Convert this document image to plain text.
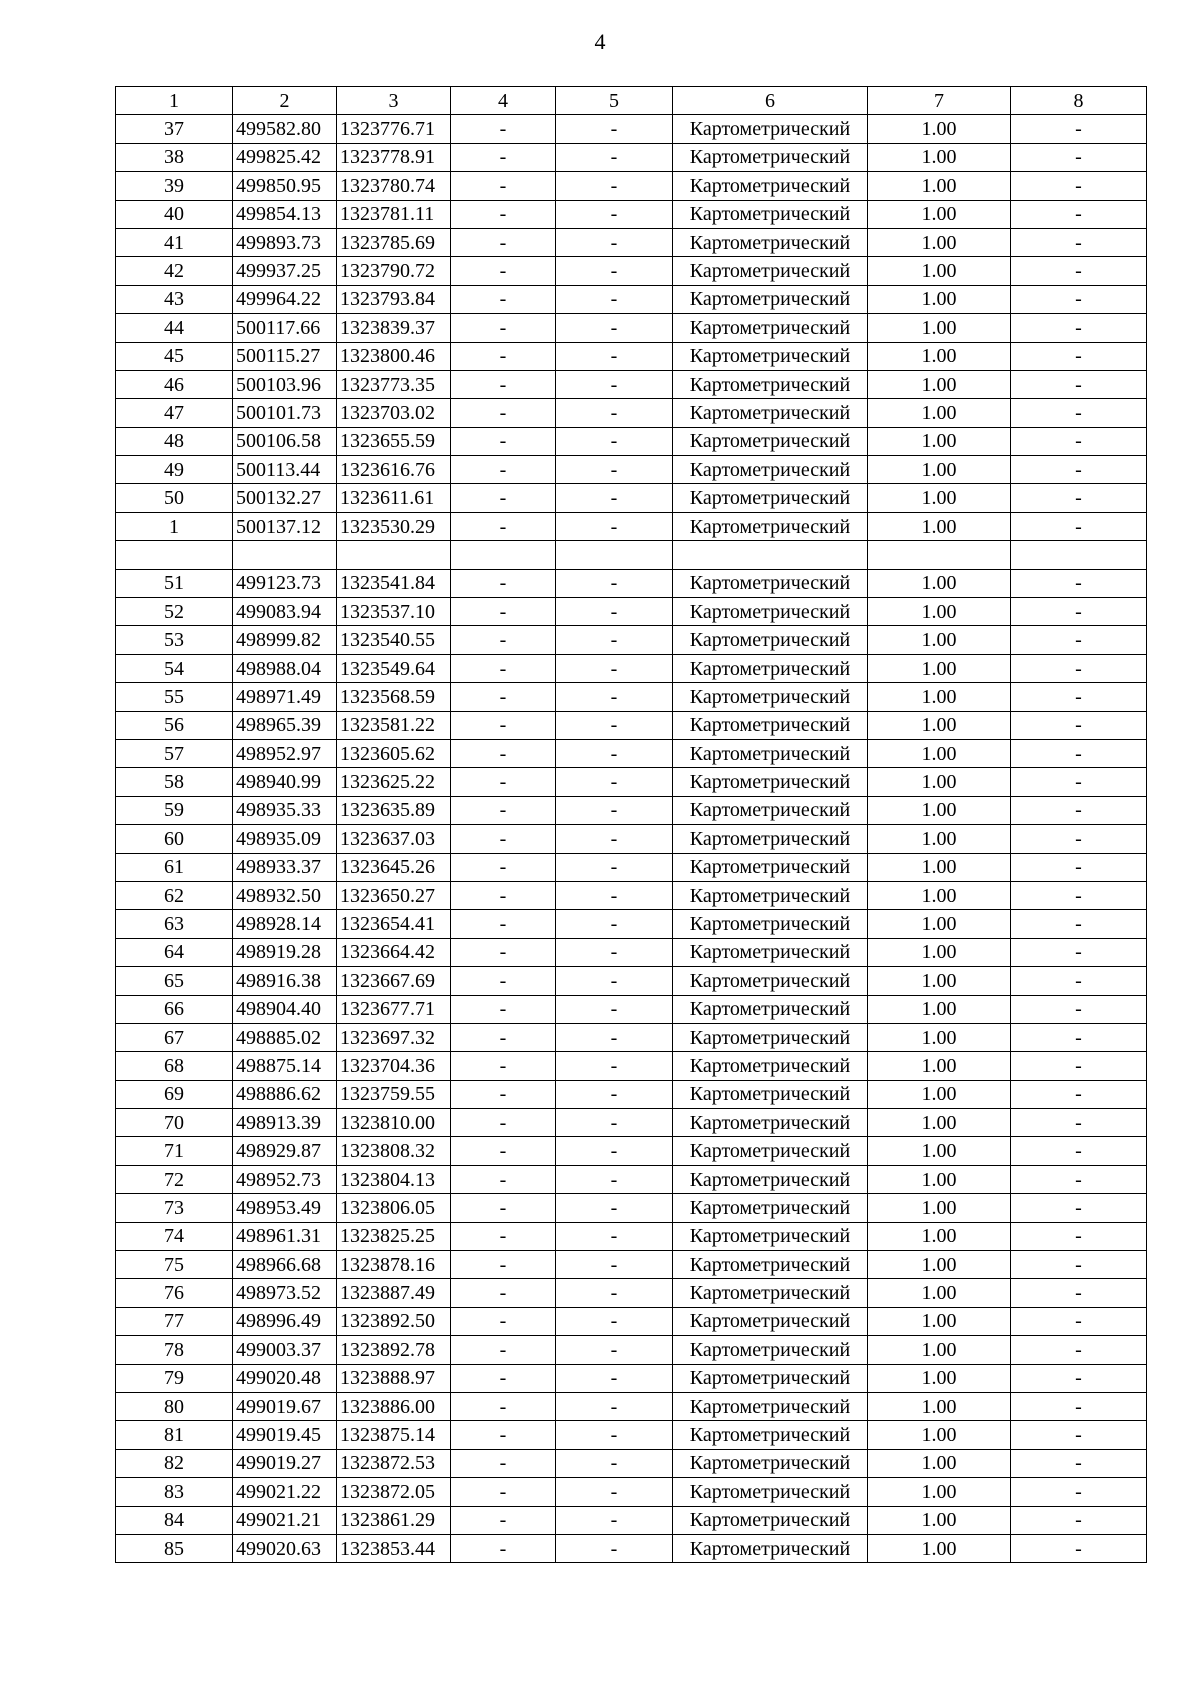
4
1	2	3	4	5	6	7	8
37	499582.80	1323776.71	-	-	Картометрический	1.00	-
38	499825.42	1323778.91	-	-	Картометрический	1.00	-
39	499850.95	1323780.74	-	-	Картометрический	1.00	-
40	499854.13	1323781.11	-	-	Картометрический	1.00	-
41	499893.73	1323785.69	-	-	Картометрический	1.00	-
42	499937.25	1323790.72	-	-	Картометрический	1.00	-
43	499964.22	1323793.84	-	-	Картометрический	1.00	-
44	500117.66	1323839.37	-	-	Картометрический	1.00	-
45	500115.27	1323800.46	-	-	Картометрический	1.00	-
46	500103.96	1323773.35	-	-	Картометрический	1.00	-
47	500101.73	1323703.02	-	-	Картометрический	1.00	-
48	500106.58	1323655.59	-	-	Картометрический	1.00	-
49	500113.44	1323616.76	-	-	Картометрический	1.00	-
50	500132.27	1323611.61	-	-	Картометрический	1.00	-
1	500137.12	1323530.29	-	-	Картометрический	1.00	-

51	499123.73	1323541.84	-	-	Картометрический	1.00	-
52	499083.94	1323537.10	-	-	Картометрический	1.00	-
53	498999.82	1323540.55	-	-	Картометрический	1.00	-
54	498988.04	1323549.64	-	-	Картометрический	1.00	-
55	498971.49	1323568.59	-	-	Картометрический	1.00	-
56	498965.39	1323581.22	-	-	Картометрический	1.00	-
57	498952.97	1323605.62	-	-	Картометрический	1.00	-
58	498940.99	1323625.22	-	-	Картометрический	1.00	-
59	498935.33	1323635.89	-	-	Картометрический	1.00	-
60	498935.09	1323637.03	-	-	Картометрический	1.00	-
61	498933.37	1323645.26	-	-	Картометрический	1.00	-
62	498932.50	1323650.27	-	-	Картометрический	1.00	-
63	498928.14	1323654.41	-	-	Картометрический	1.00	-
64	498919.28	1323664.42	-	-	Картометрический	1.00	-
65	498916.38	1323667.69	-	-	Картометрический	1.00	-
66	498904.40	1323677.71	-	-	Картометрический	1.00	-
67	498885.02	1323697.32	-	-	Картометрический	1.00	-
68	498875.14	1323704.36	-	-	Картометрический	1.00	-
69	498886.62	1323759.55	-	-	Картометрический	1.00	-
70	498913.39	1323810.00	-	-	Картометрический	1.00	-
71	498929.87	1323808.32	-	-	Картометрический	1.00	-
72	498952.73	1323804.13	-	-	Картометрический	1.00	-
73	498953.49	1323806.05	-	-	Картометрический	1.00	-
74	498961.31	1323825.25	-	-	Картометрический	1.00	-
75	498966.68	1323878.16	-	-	Картометрический	1.00	-
76	498973.52	1323887.49	-	-	Картометрический	1.00	-
77	498996.49	1323892.50	-	-	Картометрический	1.00	-
78	499003.37	1323892.78	-	-	Картометрический	1.00	-
79	499020.48	1323888.97	-	-	Картометрический	1.00	-
80	499019.67	1323886.00	-	-	Картометрический	1.00	-
81	499019.45	1323875.14	-	-	Картометрический	1.00	-
82	499019.27	1323872.53	-	-	Картометрический	1.00	-
83	499021.22	1323872.05	-	-	Картометрический	1.00	-
84	499021.21	1323861.29	-	-	Картометрический	1.00	-
85	499020.63	1323853.44	-	-	Картометрический	1.00	-
